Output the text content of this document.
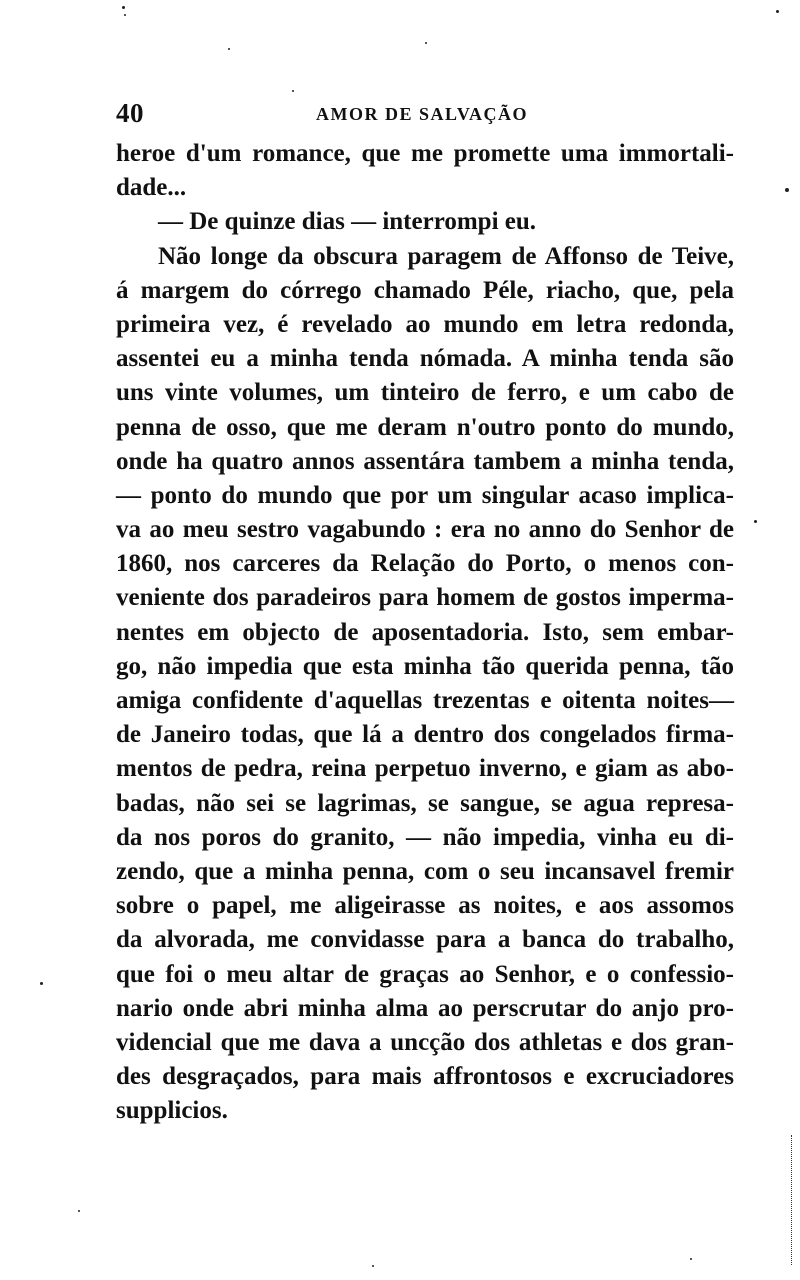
40	AMOR DE SALVAÇÃO
heroe d'um romance, que me promette uma immortali-
dade...
— De quinze dias — interrompi eu.
Não longe da obscura paragem de Affonso de Teive,
á margem do córrego chamado Péle, riacho, que, pela
primeira vez, é revelado ao mundo em letra redonda,
assentei eu a minha tenda nómada. A minha tenda são
uns vinte volumes, um tinteiro de ferro, e um cabo de
penna de osso, que me deram n'outro ponto do mundo,
onde ha quatro annos assentára tambem a minha tenda,
— ponto do mundo que por um singular acaso implica-
va ao meu sestro vagabundo : era no anno do Senhor de
1860, nos carceres da Relação do Porto, o menos con-
veniente dos paradeiros para homem de gostos imperma-
nentes em objecto de aposentadoria. Isto, sem embar-
go, não impedia que esta minha tão querida penna, tão
amiga confidente d'aquellas trezentas e oitenta noites—
de Janeiro todas, que lá a dentro dos congelados firma-
mentos de pedra, reina perpetuo inverno, e giam as abo-
badas, não sei se lagrimas, se sangue, se agua represa-
da nos poros do granito, — não impedia, vinha eu di-
zendo, que a minha penna, com o seu incansavel fremir
sobre o papel, me aligeirasse as noites, e aos assomos
da alvorada, me convidasse para a banca do trabalho,
que foi o meu altar de graças ao Senhor, e o confessio-
nario onde abri minha alma ao perscrutar do anjo pro-
videncial que me dava a uncção dos athletas e dos gran-
des desgraçados, para mais affrontosos e excruciadores
supplicios.
